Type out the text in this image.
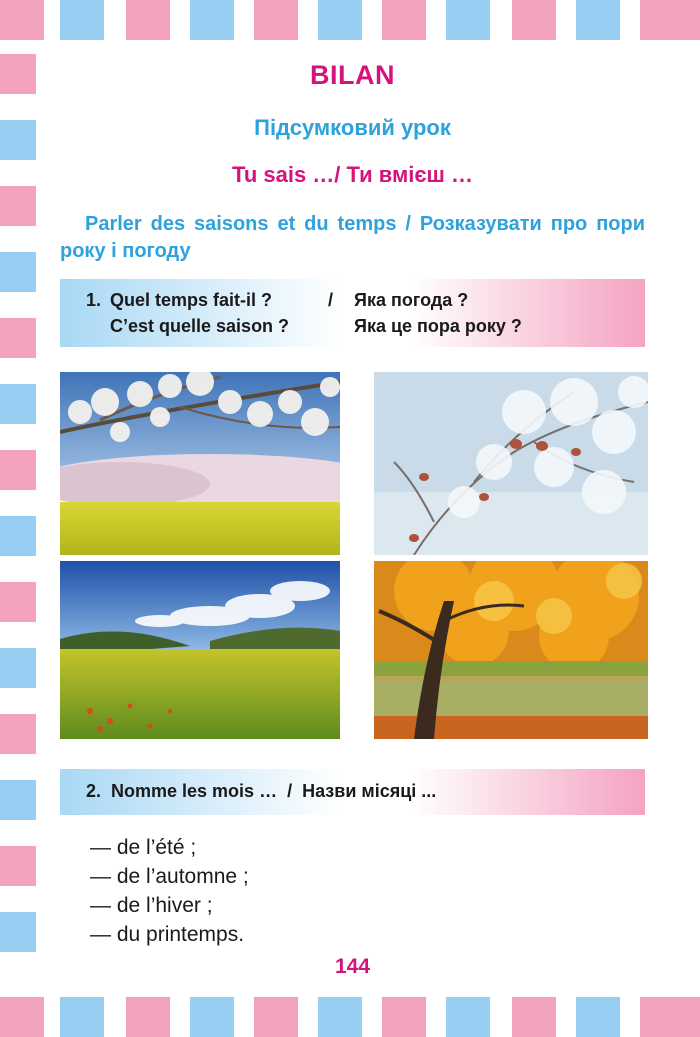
BILAN
Підсумковий урок
Tu sais …/ Ти вмієш …
Parler des saisons et du temps / Розказувати про пори року і погоду
1. Quel temps fait-il ?	/ Яка погода ?
C’est quelle saison ?	Яка це пора року ?
2.  Nomme les mois …  /  Назви місяці ...
— de l’été ;
— de l’automne ;
— de l’hiver ;
— du printemps.
144
